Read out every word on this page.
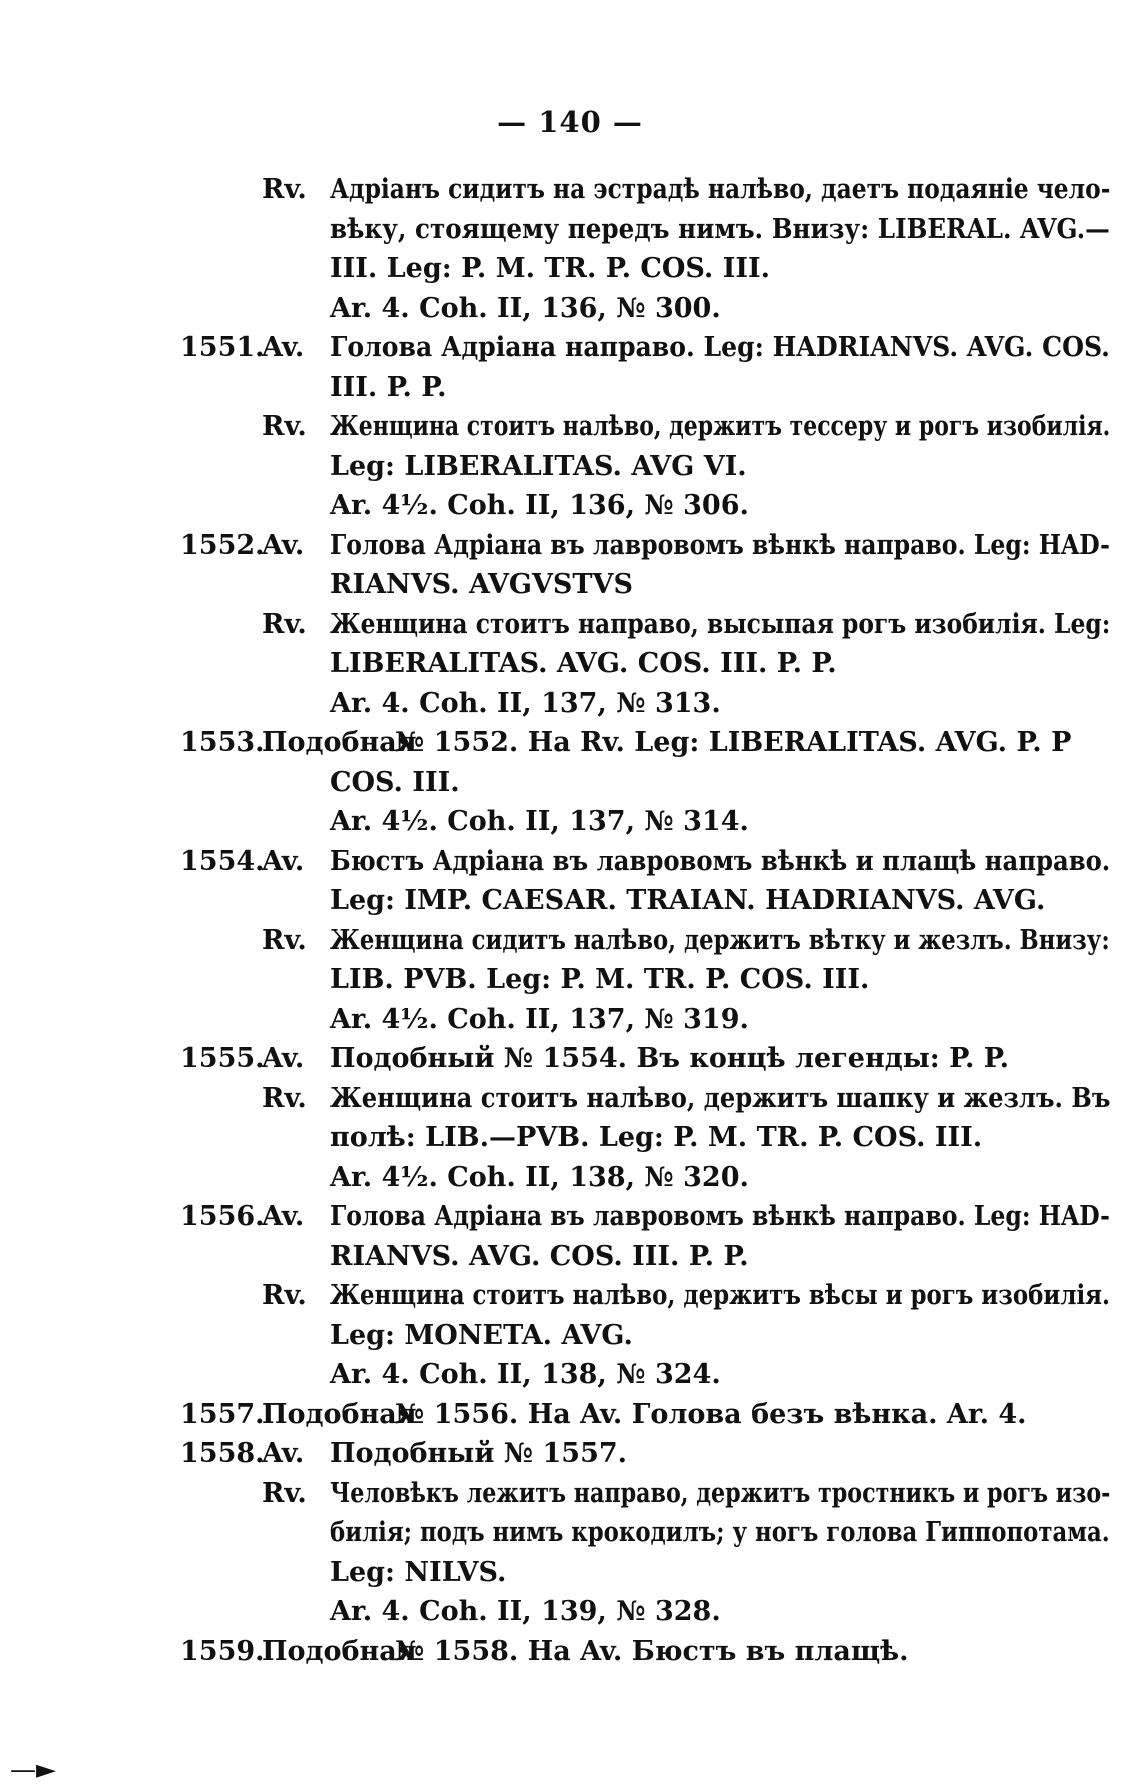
— 140 —
Rv. Адріанъ сидитъ на эстрадѣ налѣво, даетъ подаяніе чело-
вѣку, стоящему передъ нимъ. Внизу: LIBERAL. AVG.—
III. Leg: P. M. TR. P. COS. III.
Ar. 4. Coh. II, 136, № 300.
1551.
Av. Голова Адріана направо. Leg: HADRIANVS. AVG. COS.
III. P. P.
Rv. Женщина стоитъ налѣво, держитъ тессеру и рогъ изобилія.
Leg: LIBERALITAS. AVG VI.
Ar. 4½. Coh. II, 136, № 306.
1552.
Av. Голова Адріана въ лавровомъ вѣнкѣ направо. Leg: HAD-
RIANVS. AVGVSTVS
Rv. Женщина стоитъ направо, высыпая рогъ изобилія. Leg:
LIBERALITAS. AVG. COS. III. P. P.
Ar. 4. Coh. II, 137, № 313.
1553.
Подобная
№ 1552. На Rv. Leg: LIBERALITAS. AVG. P. P
COS. III.
Ar. 4½. Coh. II, 137, № 314.
1554.
Av. Бюстъ Адріана въ лавровомъ вѣнкѣ и плащѣ направо.
Leg: IMP. CAESAR. TRAIAN. HADRIANVS. AVG.
Rv. Женщина сидитъ налѣво, держитъ вѣтку и жезлъ. Внизу:
LIB. PVB. Leg: P. M. TR. P. COS. III.
Ar. 4½. Coh. II, 137, № 319.
1555.
Av. Подобный № 1554. Въ концѣ легенды: P. P.
Rv. Женщина стоитъ налѣво, держитъ шапку и жезлъ. Въ
полѣ: LIB.—PVB. Leg: P. M. TR. P. COS. III.
Ar. 4½. Coh. II, 138, № 320.
1556.
Av. Голова Адріана въ лавровомъ вѣнкѣ направо. Leg: HAD-
RIANVS. AVG. COS. III. P. P.
Rv. Женщина стоитъ налѣво, держитъ вѣсы и рогъ изобилія.
Leg: MONETA. AVG.
Ar. 4. Coh. II, 138, № 324.
1557.
Подобная
№ 1556. На Av. Голова безъ вѣнка. Ar. 4.
1558.
Av. Подобный № 1557.
Rv. Человѣкъ лежитъ направо, держитъ тростникъ и рогъ изо-
билія; подъ нимъ крокодилъ; у ногъ голова Гиппопотама.
Leg: NILVS.
Ar. 4. Coh. II, 139, № 328.
1559.
Подобная
№ 1558. На Av. Бюстъ въ плащѣ.
—►
